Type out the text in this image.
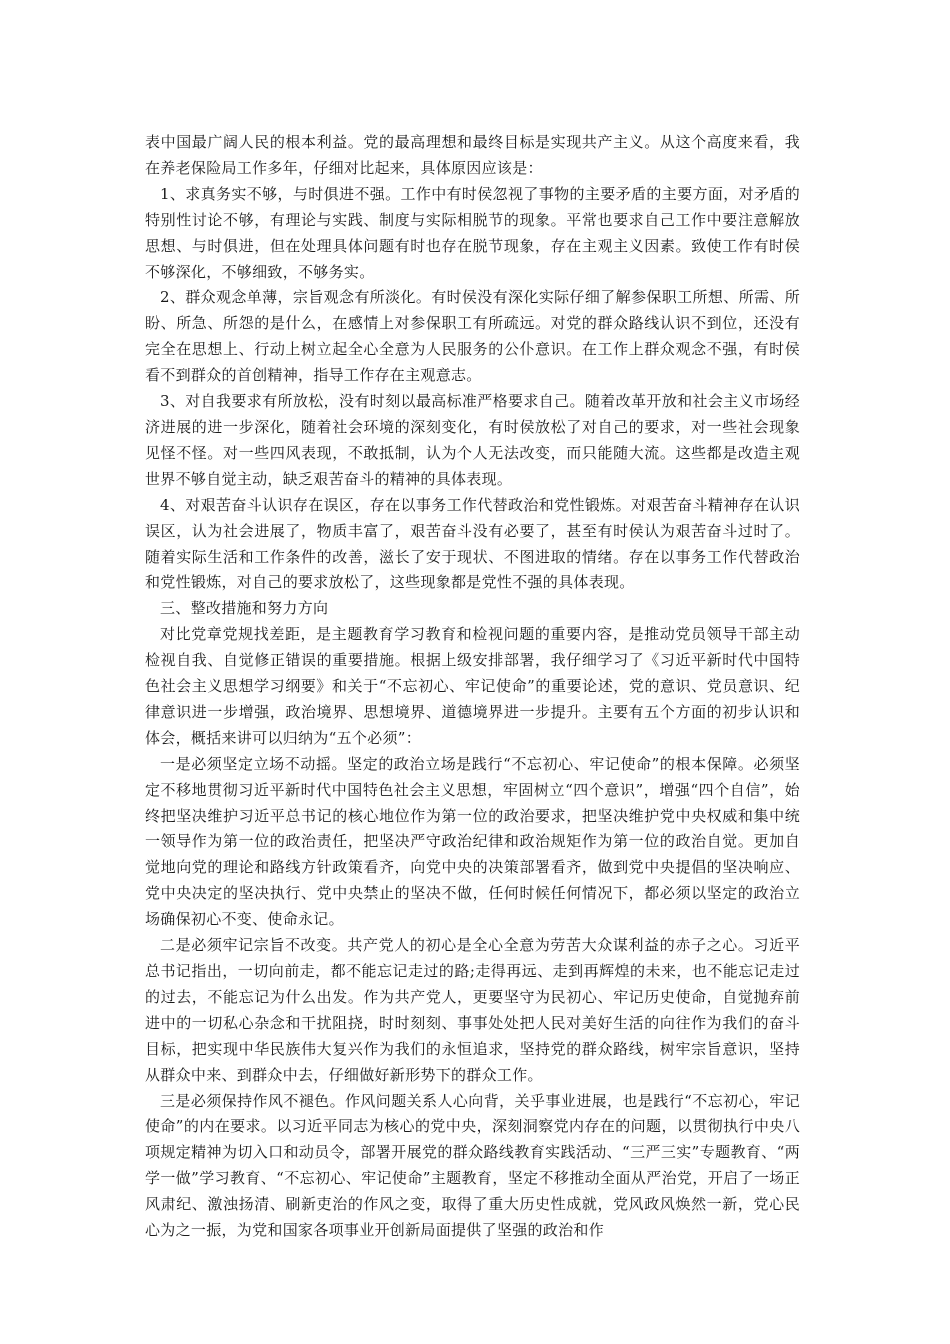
表中国最广阔人民的根本利益。党的最高理想和最终目标是实现共产主义。从这个高度来看，我在养老保险局工作多年，仔细对比起来，具体原因应该是：

1、求真务实不够，与时俱进不强。工作中有时侯忽视了事物的主要矛盾的主要方面，对矛盾的特别性讨论不够，有理论与实践、制度与实际相脱节的现象。平常也要求自己工作中要注意解放思想、与时俱进，但在处理具体问题有时也存在脱节现象，存在主观主义因素。致使工作有时侯不够深化，不够细致，不够务实。

2、群众观念单薄，宗旨观念有所淡化。有时侯没有深化实际仔细了解参保职工所想、所需、所盼、所急、所怨的是什么，在感情上对参保职工有所疏远。对党的群众路线认识不到位，还没有完全在思想上、行动上树立起全心全意为人民服务的公仆意识。在工作上群众观念不强，有时侯看不到群众的首创精神，指导工作存在主观意志。

3、对自我要求有所放松，没有时刻以最高标准严格要求自己。随着改革开放和社会主义市场经济进展的进一步深化，随着社会环境的深刻变化，有时侯放松了对自己的要求，对一些社会现象见怪不怪。对一些四风表现，不敢抵制，认为个人无法改变，而只能随大流。这些都是改造主观世界不够自觉主动，缺乏艰苦奋斗的精神的具体表现。

4、对艰苦奋斗认识存在误区，存在以事务工作代替政治和党性锻炼。对艰苦奋斗精神存在认识误区，认为社会进展了，物质丰富了，艰苦奋斗没有必要了，甚至有时侯认为艰苦奋斗过时了。随着实际生活和工作条件的改善，滋长了安于现状、不图进取的情绪。存在以事务工作代替政治和党性锻炼，对自己的要求放松了，这些现象都是党性不强的具体表现。

三、整改措施和努力方向

对比党章党规找差距，是主题教育学习教育和检视问题的重要内容，是推动党员领导干部主动检视自我、自觉修正错误的重要措施。根据上级安排部署，我仔细学习了《习近平新时代中国特色社会主义思想学习纲要》和关于“不忘初心、牢记使命”的重要论述，党的意识、党员意识、纪律意识进一步增强，政治境界、思想境界、道德境界进一步提升。主要有五个方面的初步认识和体会，概括来讲可以归纳为“五个必须”：

一是必须坚定立场不动摇。坚定的政治立场是践行“不忘初心、牢记使命”的根本保障。必须坚定不移地贯彻习近平新时代中国特色社会主义思想，牢固树立“四个意识”，增强“四个自信”，始终把坚决维护习近平总书记的核心地位作为第一位的政治要求，把坚决维护党中央权威和集中统一领导作为第一位的政治责任，把坚决严守政治纪律和政治规矩作为第一位的政治自觉。更加自觉地向党的理论和路线方针政策看齐，向党中央的决策部署看齐，做到党中央提倡的坚决响应、党中央决定的坚决执行、党中央禁止的坚决不做，任何时候任何情况下，都必须以坚定的政治立场确保初心不变、使命永记。

二是必须牢记宗旨不改变。共产党人的初心是全心全意为劳苦大众谋利益的赤子之心。习近平总书记指出，一切向前走，都不能忘记走过的路;走得再远、走到再辉煌的未来，也不能忘记走过的过去，不能忘记为什么出发。作为共产党人，更要坚守为民初心、牢记历史使命，自觉抛弃前进中的一切私心杂念和干扰阻挠，时时刻刻、事事处处把人民对美好生活的向往作为我们的奋斗目标，把实现中华民族伟大复兴作为我们的永恒追求，坚持党的群众路线，树牢宗旨意识，坚持从群众中来、到群众中去，仔细做好新形势下的群众工作。

三是必须保持作风不褪色。作风问题关系人心向背，关乎事业进展，也是践行“不忘初心，牢记使命”的内在要求。以习近平同志为核心的党中央，深刻洞察党内存在的问题，以贯彻执行中央八项规定精神为切入口和动员令，部署开展党的群众路线教育实践活动、“三严三实”专题教育、“两学一做”学习教育、“不忘初心、牢记使命”主题教育，坚定不移推动全面从严治党，开启了一场正风肃纪、激浊扬清、刷新吏治的作风之变，取得了重大历史性成就，党风政风焕然一新，党心民心为之一振，为党和国家各项事业开创新局面提供了坚强的政治和作
